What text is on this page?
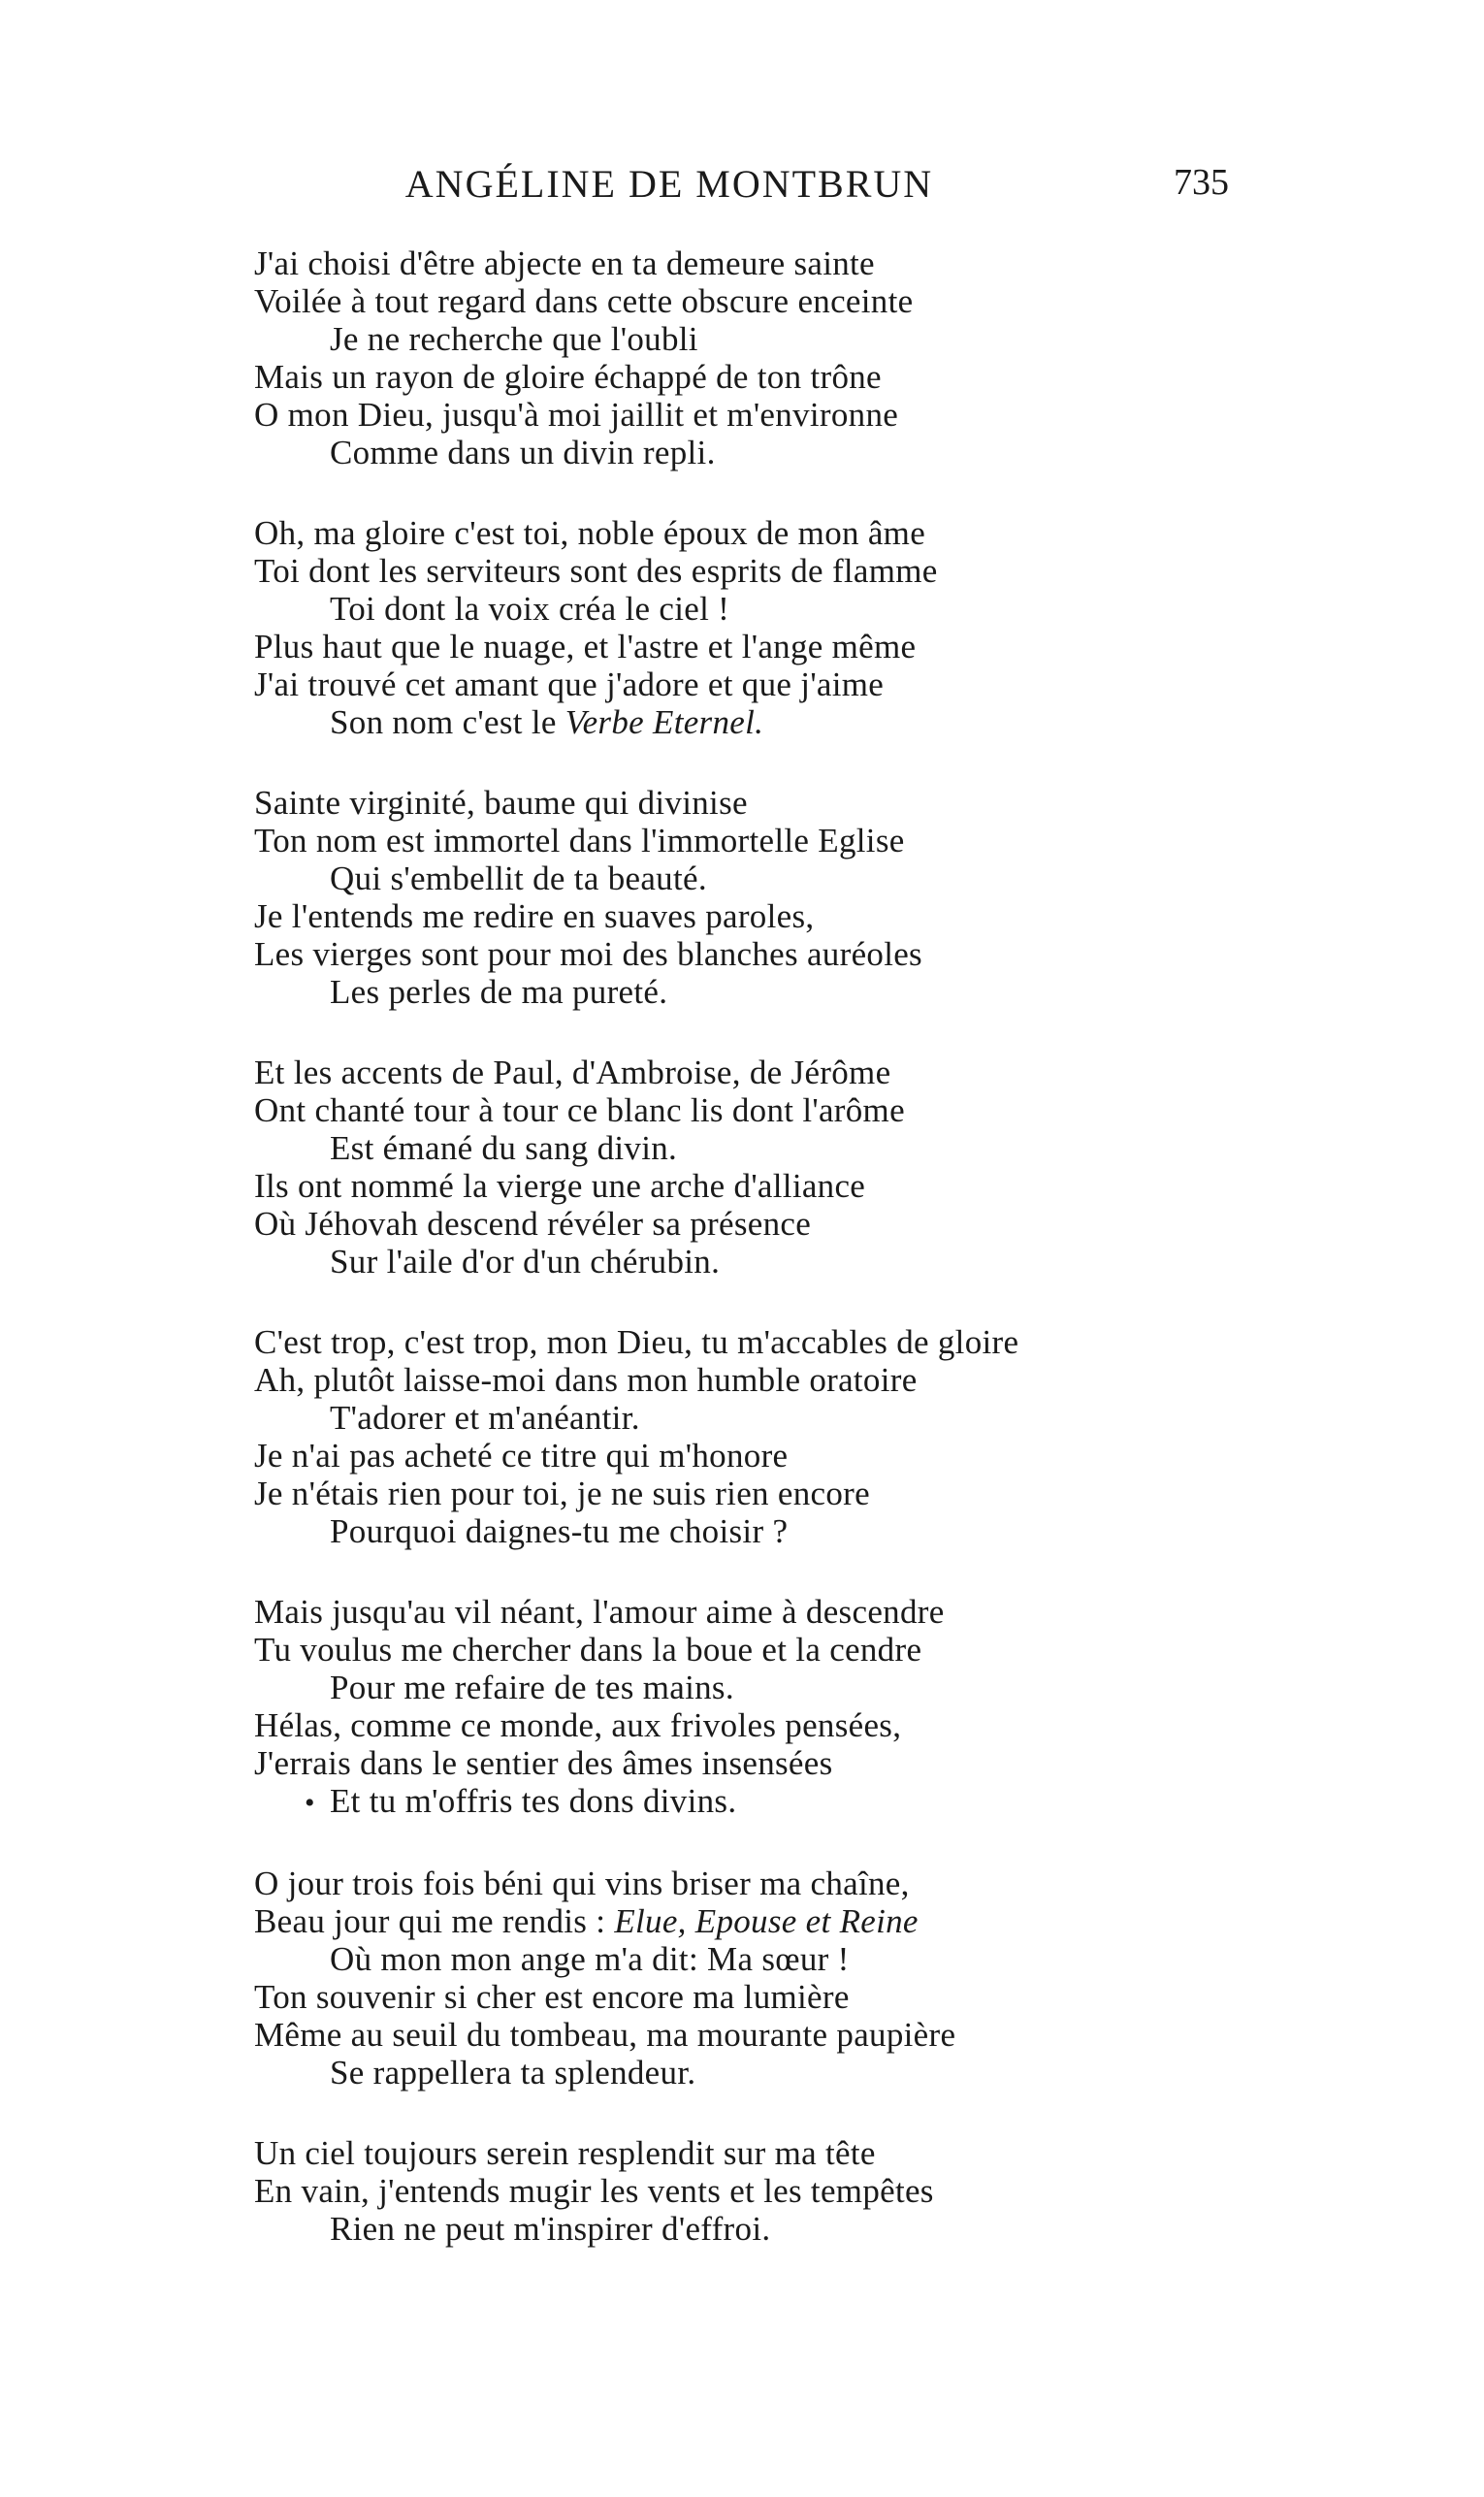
ANGÉLINE DE MONTBRUN	735
J'ai choisi d'être abjecte en ta demeure sainte
Voilée à tout regard dans cette obscure enceinte
Je ne recherche que l'oubli
Mais un rayon de gloire échappé de ton trône
O mon Dieu, jusqu'à moi jaillit et m'environne
Comme dans un divin repli.
Oh, ma gloire c'est toi, noble époux de mon âme
Toi dont les serviteurs sont des esprits de flamme
Toi dont la voix créa le ciel !
Plus haut que le nuage, et l'astre et l'ange même
J'ai trouvé cet amant que j'adore et que j'aime
Son nom c'est le Verbe Eternel.
Sainte virginité, baume qui divinise
Ton nom est immortel dans l'immortelle Eglise
Qui s'embellit de ta beauté.
Je l'entends me redire en suaves paroles,
Les vierges sont pour moi des blanches auréoles
Les perles de ma pureté.
Et les accents de Paul, d'Ambroise, de Jérôme
Ont chanté tour à tour ce blanc lis dont l'arôme
Est émané du sang divin.
Ils ont nommé la vierge une arche d'alliance
Où Jéhovah descend révéler sa présence
Sur l'aile d'or d'un chérubin.
C'est trop, c'est trop, mon Dieu, tu m'accables de gloire
Ah, plutôt laisse-moi dans mon humble oratoire
T'adorer et m'anéantir.
Je n'ai pas acheté ce titre qui m'honore
Je n'étais rien pour toi, je ne suis rien encore
Pourquoi daignes-tu me choisir ?
Mais jusqu'au vil néant, l'amour aime à descendre
Tu voulus me chercher dans la boue et la cendre
Pour me refaire de tes mains.
Hélas, comme ce monde, aux frivoles pensées,
J'errais dans le sentier des âmes insensées
• Et tu m'offris tes dons divins.
O jour trois fois béni qui vins briser ma chaîne,
Beau jour qui me rendis : Elue, Epouse et Reine
Où mon mon ange m'a dit: Ma sœur !
Ton souvenir si cher est encore ma lumière
Même au seuil du tombeau, ma mourante paupière
Se rappellera ta splendeur.
Un ciel toujours serein resplendit sur ma tête
En vain, j'entends mugir les vents et les tempêtes
Rien ne peut m'inspirer d'effroi.
